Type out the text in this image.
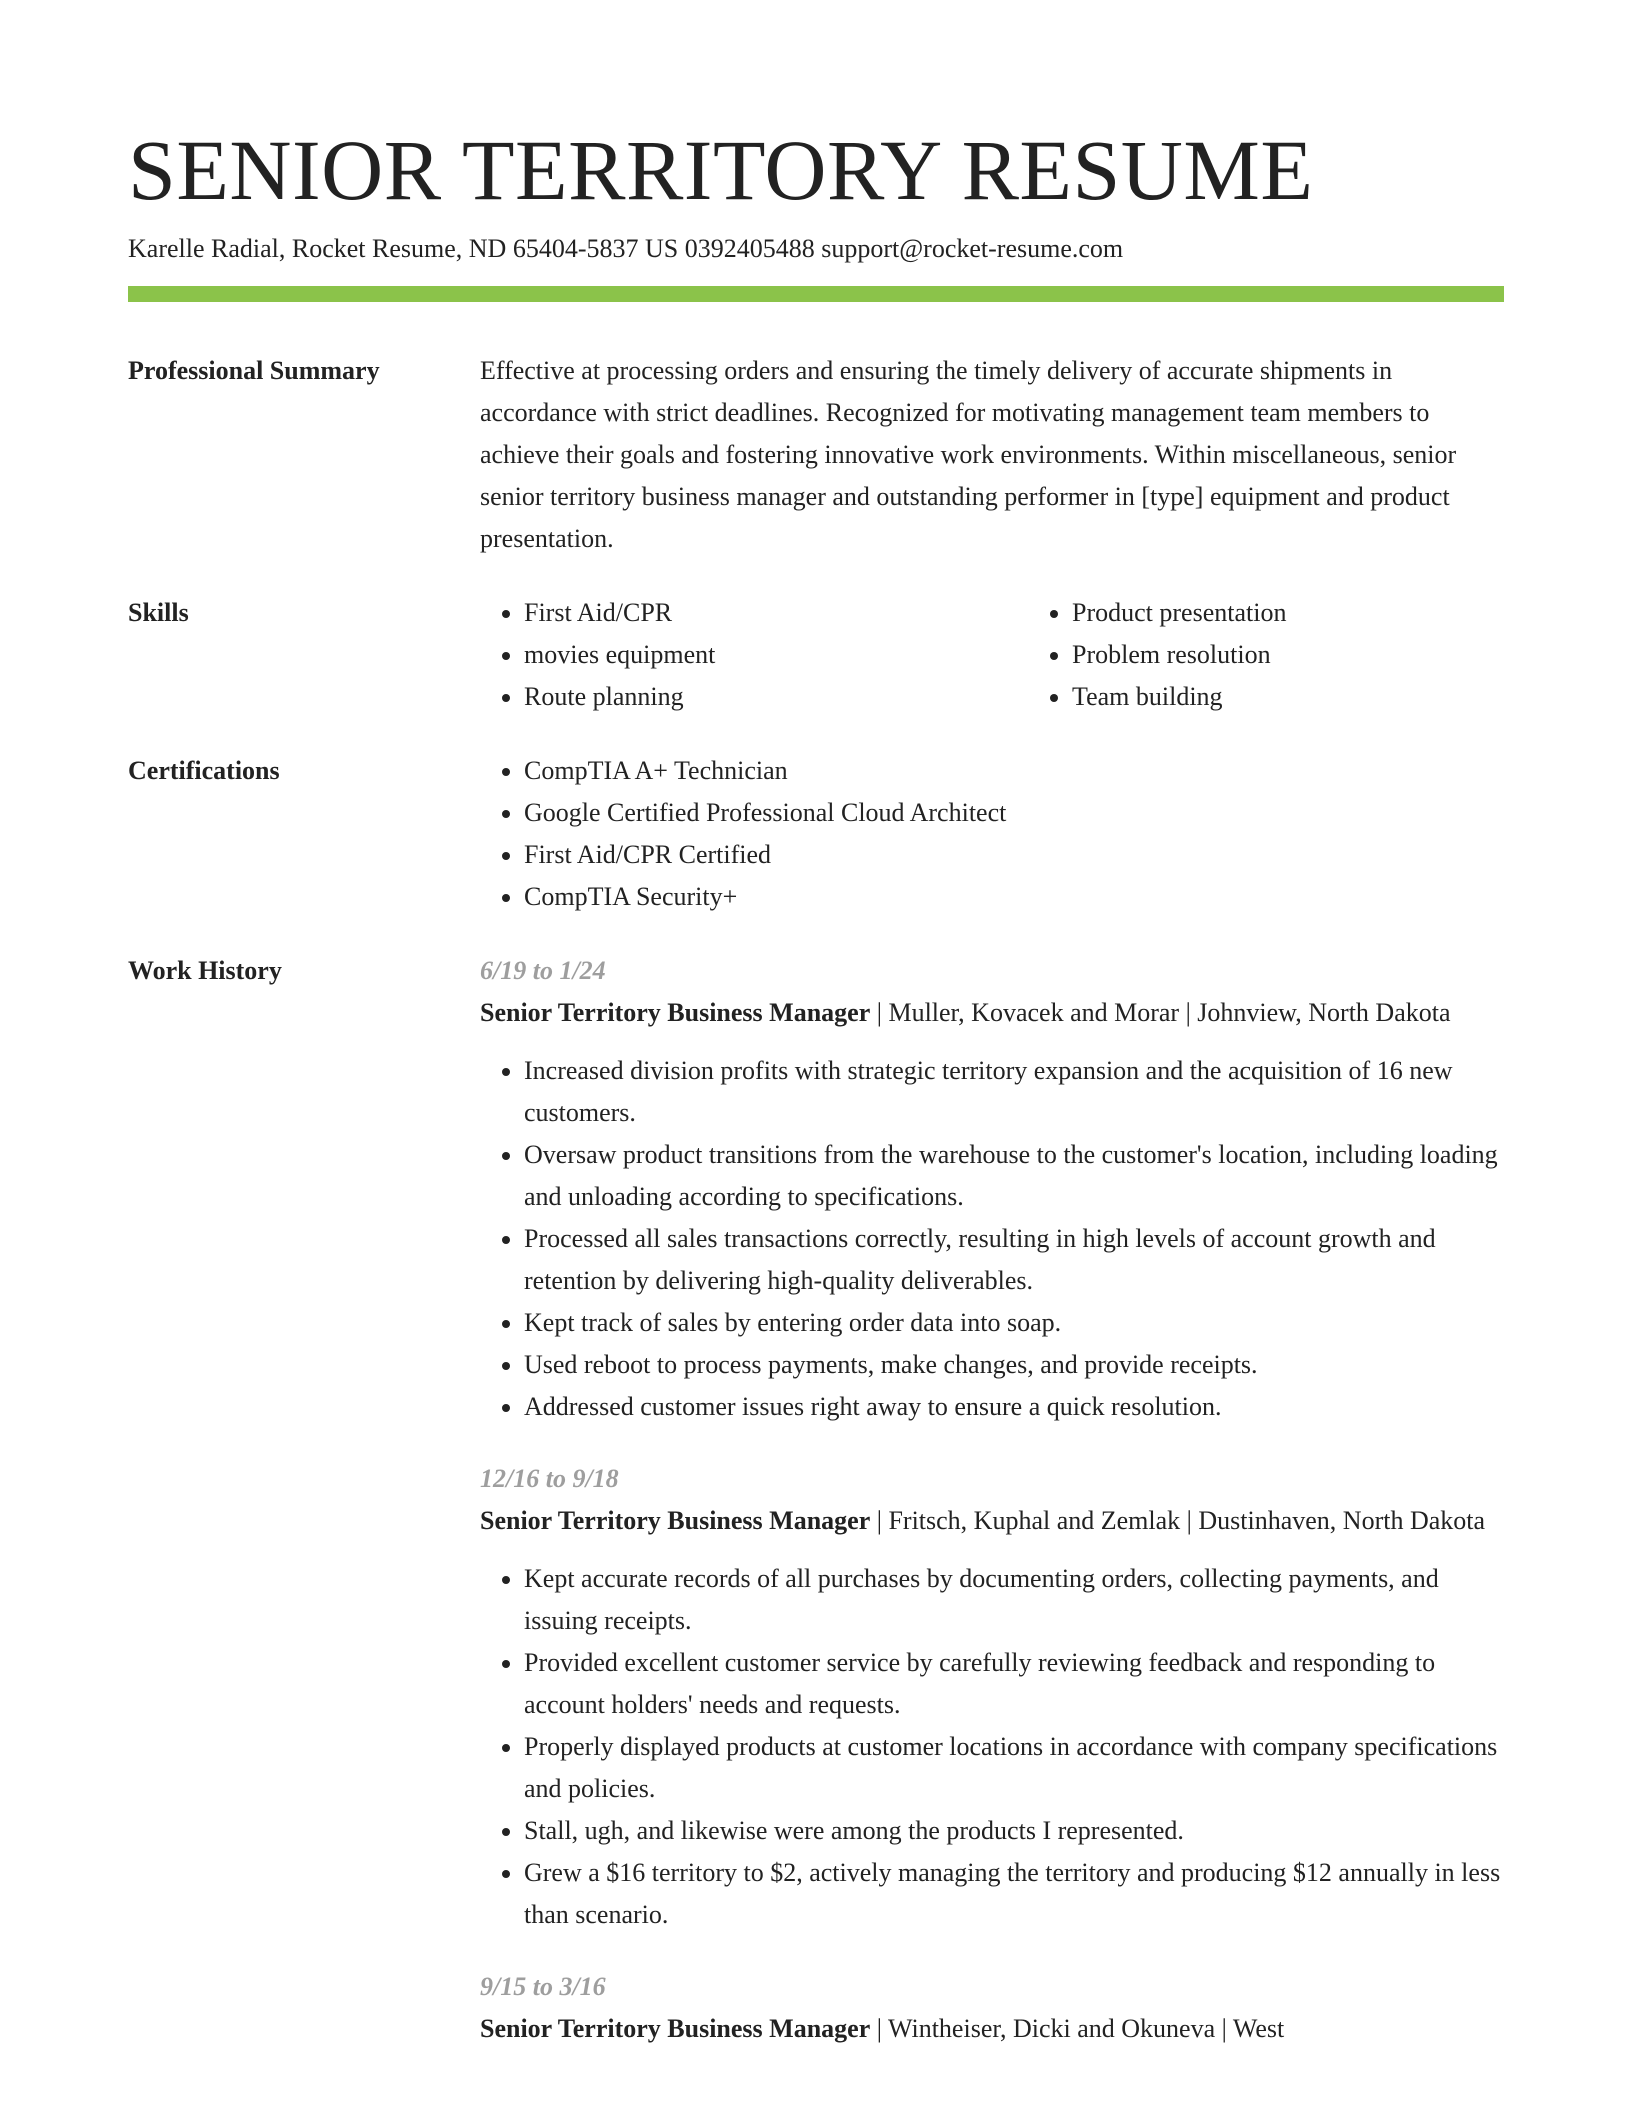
SENIOR TERRITORY RESUME
Karelle Radial, Rocket Resume, ND 65404-5837 US 0392405488 support@rocket-resume.com
Professional Summary	Effective at processing orders and ensuring the timely delivery of accurate shipments in accordance with strict deadlines. Recognized for motivating management team members to achieve their goals and fostering innovative work environments. Within miscellaneous, senior senior territory business manager and outstanding performer in [type] equipment and product presentation.

Skills	• First Aid/CPR
• movies equipment
• Route planning
• Product presentation
• Problem resolution
• Team building
Certifications	• CompTIA A+ Technician
• Google Certified Professional Cloud Architect
• First Aid/CPR Certified
• CompTIA Security+
Work History	6/19 to 1/24
Senior Territory Business Manager | Muller, Kovacek and Morar | Johnview, North Dakota
• Increased division profits with strategic territory expansion and the acquisition of 16 new customers.
• Oversaw product transitions from the warehouse to the customer's location, including loading and unloading according to specifications.
• Processed all sales transactions correctly, resulting in high levels of account growth and retention by delivering high-quality deliverables.
• Kept track of sales by entering order data into soap.
• Used reboot to process payments, make changes, and provide receipts.
• Addressed customer issues right away to ensure a quick resolution.
12/16 to 9/18
Senior Territory Business Manager | Fritsch, Kuphal and Zemlak | Dustinhaven, North Dakota
• Kept accurate records of all purchases by documenting orders, collecting payments, and issuing receipts.
• Provided excellent customer service by carefully reviewing feedback and responding to account holders' needs and requests.
• Properly displayed products at customer locations in accordance with company specifications and policies.
• Stall, ugh, and likewise were among the products I represented.
• Grew a $16 territory to $2, actively managing the territory and producing $12 annually in less than scenario.
9/15 to 3/16
Senior Territory Business Manager | Wintheiser, Dicki and Okuneva | West
